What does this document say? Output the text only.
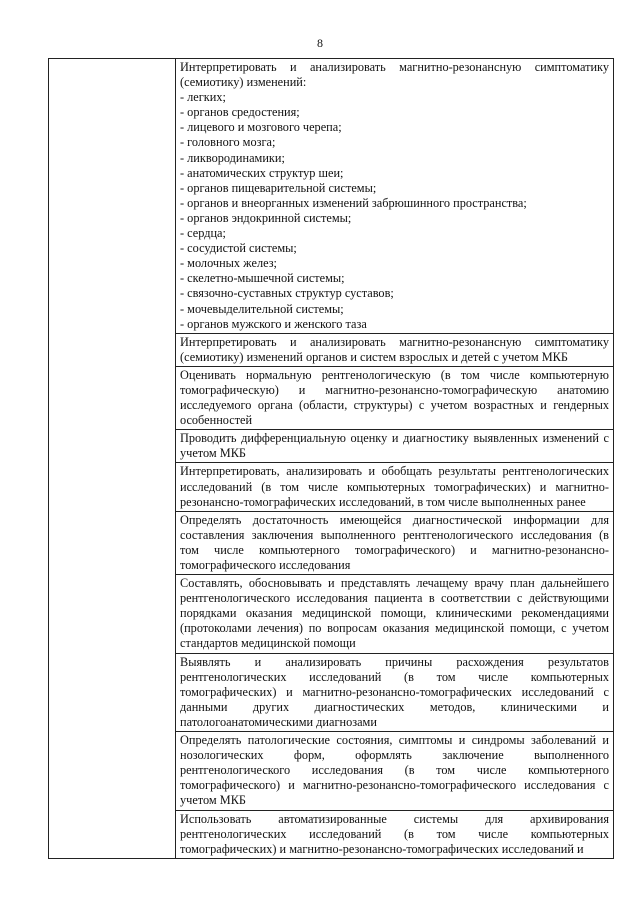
8

Интерпретировать и анализировать магнитно-резонансную симптоматику (семиотику) изменений:
- легких;
- органов средостения;
- лицевого и мозгового черепа;
- головного мозга;
- ликвородинамики;
- анатомических структур шеи;
- органов пищеварительной системы;
- органов и внеорганных изменений забрюшинного пространства;
- органов эндокринной системы;
- сердца;
- сосудистой системы;
- молочных желез;
- скелетно-мышечной системы;
- связочно-суставных структур суставов;
- мочевыделительной системы;
- органов мужского и женского таза

Интерпретировать и анализировать магнитно-резонансную симптоматику (семиотику) изменений органов и систем взрослых и детей с учетом МКБ
Оценивать нормальную рентгенологическую (в том числе компьютерную томографическую) и магнитно-резонансно-томографическую анатомию исследуемого органа (области, структуры) с учетом возрастных и гендерных особенностей
Проводить дифференциальную оценку и диагностику выявленных изменений с учетом МКБ
Интерпретировать, анализировать и обобщать результаты рентгенологических исследований (в том числе компьютерных томографических) и магнитно-резонансно-томографических исследований, в том числе выполненных ранее
Определять достаточность имеющейся диагностической информации для составления заключения выполненного рентгенологического исследования (в том числе компьютерного томографического) и магнитно-резонансно-томографического исследования
Составлять, обосновывать и представлять лечащему врачу план дальнейшего рентгенологического исследования пациента в соответствии с действующими порядками оказания медицинской помощи, клиническими рекомендациями (протоколами лечения) по вопросам оказания медицинской помощи, с учетом стандартов медицинской помощи
Выявлять и анализировать причины расхождения результатов рентгенологических исследований (в том числе компьютерных томографических) и магнитно-резонансно-томографических исследований с данными других диагностических методов, клиническими и патологоанатомическими диагнозами
Определять патологические состояния, симптомы и синдромы заболеваний и нозологических форм, оформлять заключение выполненного рентгенологического исследования (в том числе компьютерного томографического) и магнитно-резонансно-томографического исследования с учетом МКБ
Использовать автоматизированные системы для архивирования рентгенологических исследований (в том числе компьютерных томографических) и магнитно-резонансно-томографических исследований и
